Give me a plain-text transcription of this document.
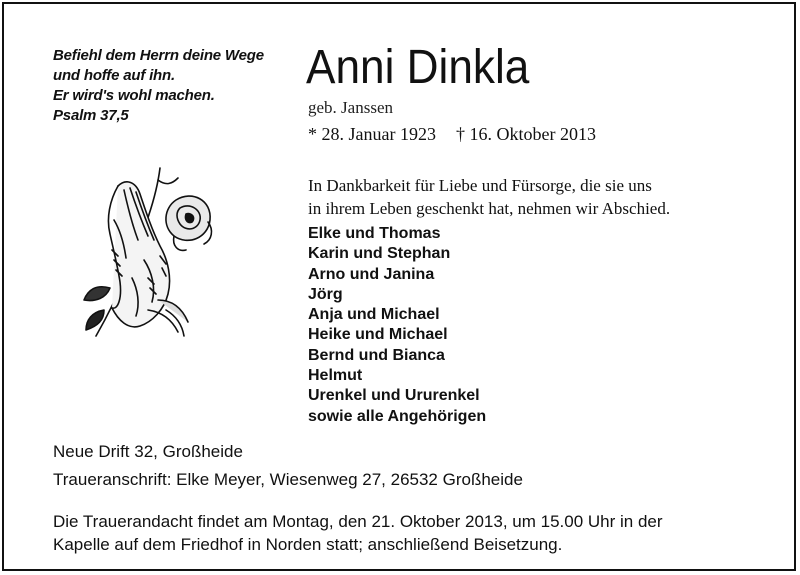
Befiehl dem Herrn deine Wege
und hoffe auf ihn.
Er wird's wohl machen.
Psalm 37,5
Anni Dinkla
geb. Janssen
* 28. Januar 1923 † 16. Oktober 2013
In Dankbarkeit für Liebe und Fürsorge, die sie uns
in ihrem Leben geschenkt hat, nehmen wir Abschied.
Elke und Thomas
Karin und Stephan
Arno und Janina
Jörg
Anja und Michael
Heike und Michael
Bernd und Bianca
Helmut
Urenkel und Ururenkel
sowie alle Angehörigen
Neue Drift 32, Großheide
Traueranschrift: Elke Meyer, Wiesenweg 27, 26532 Großheide
Die Trauerandacht findet am Montag, den 21. Oktober 2013, um 15.00 Uhr in der
Kapelle auf dem Friedhof in Norden statt; anschließend Beisetzung.
